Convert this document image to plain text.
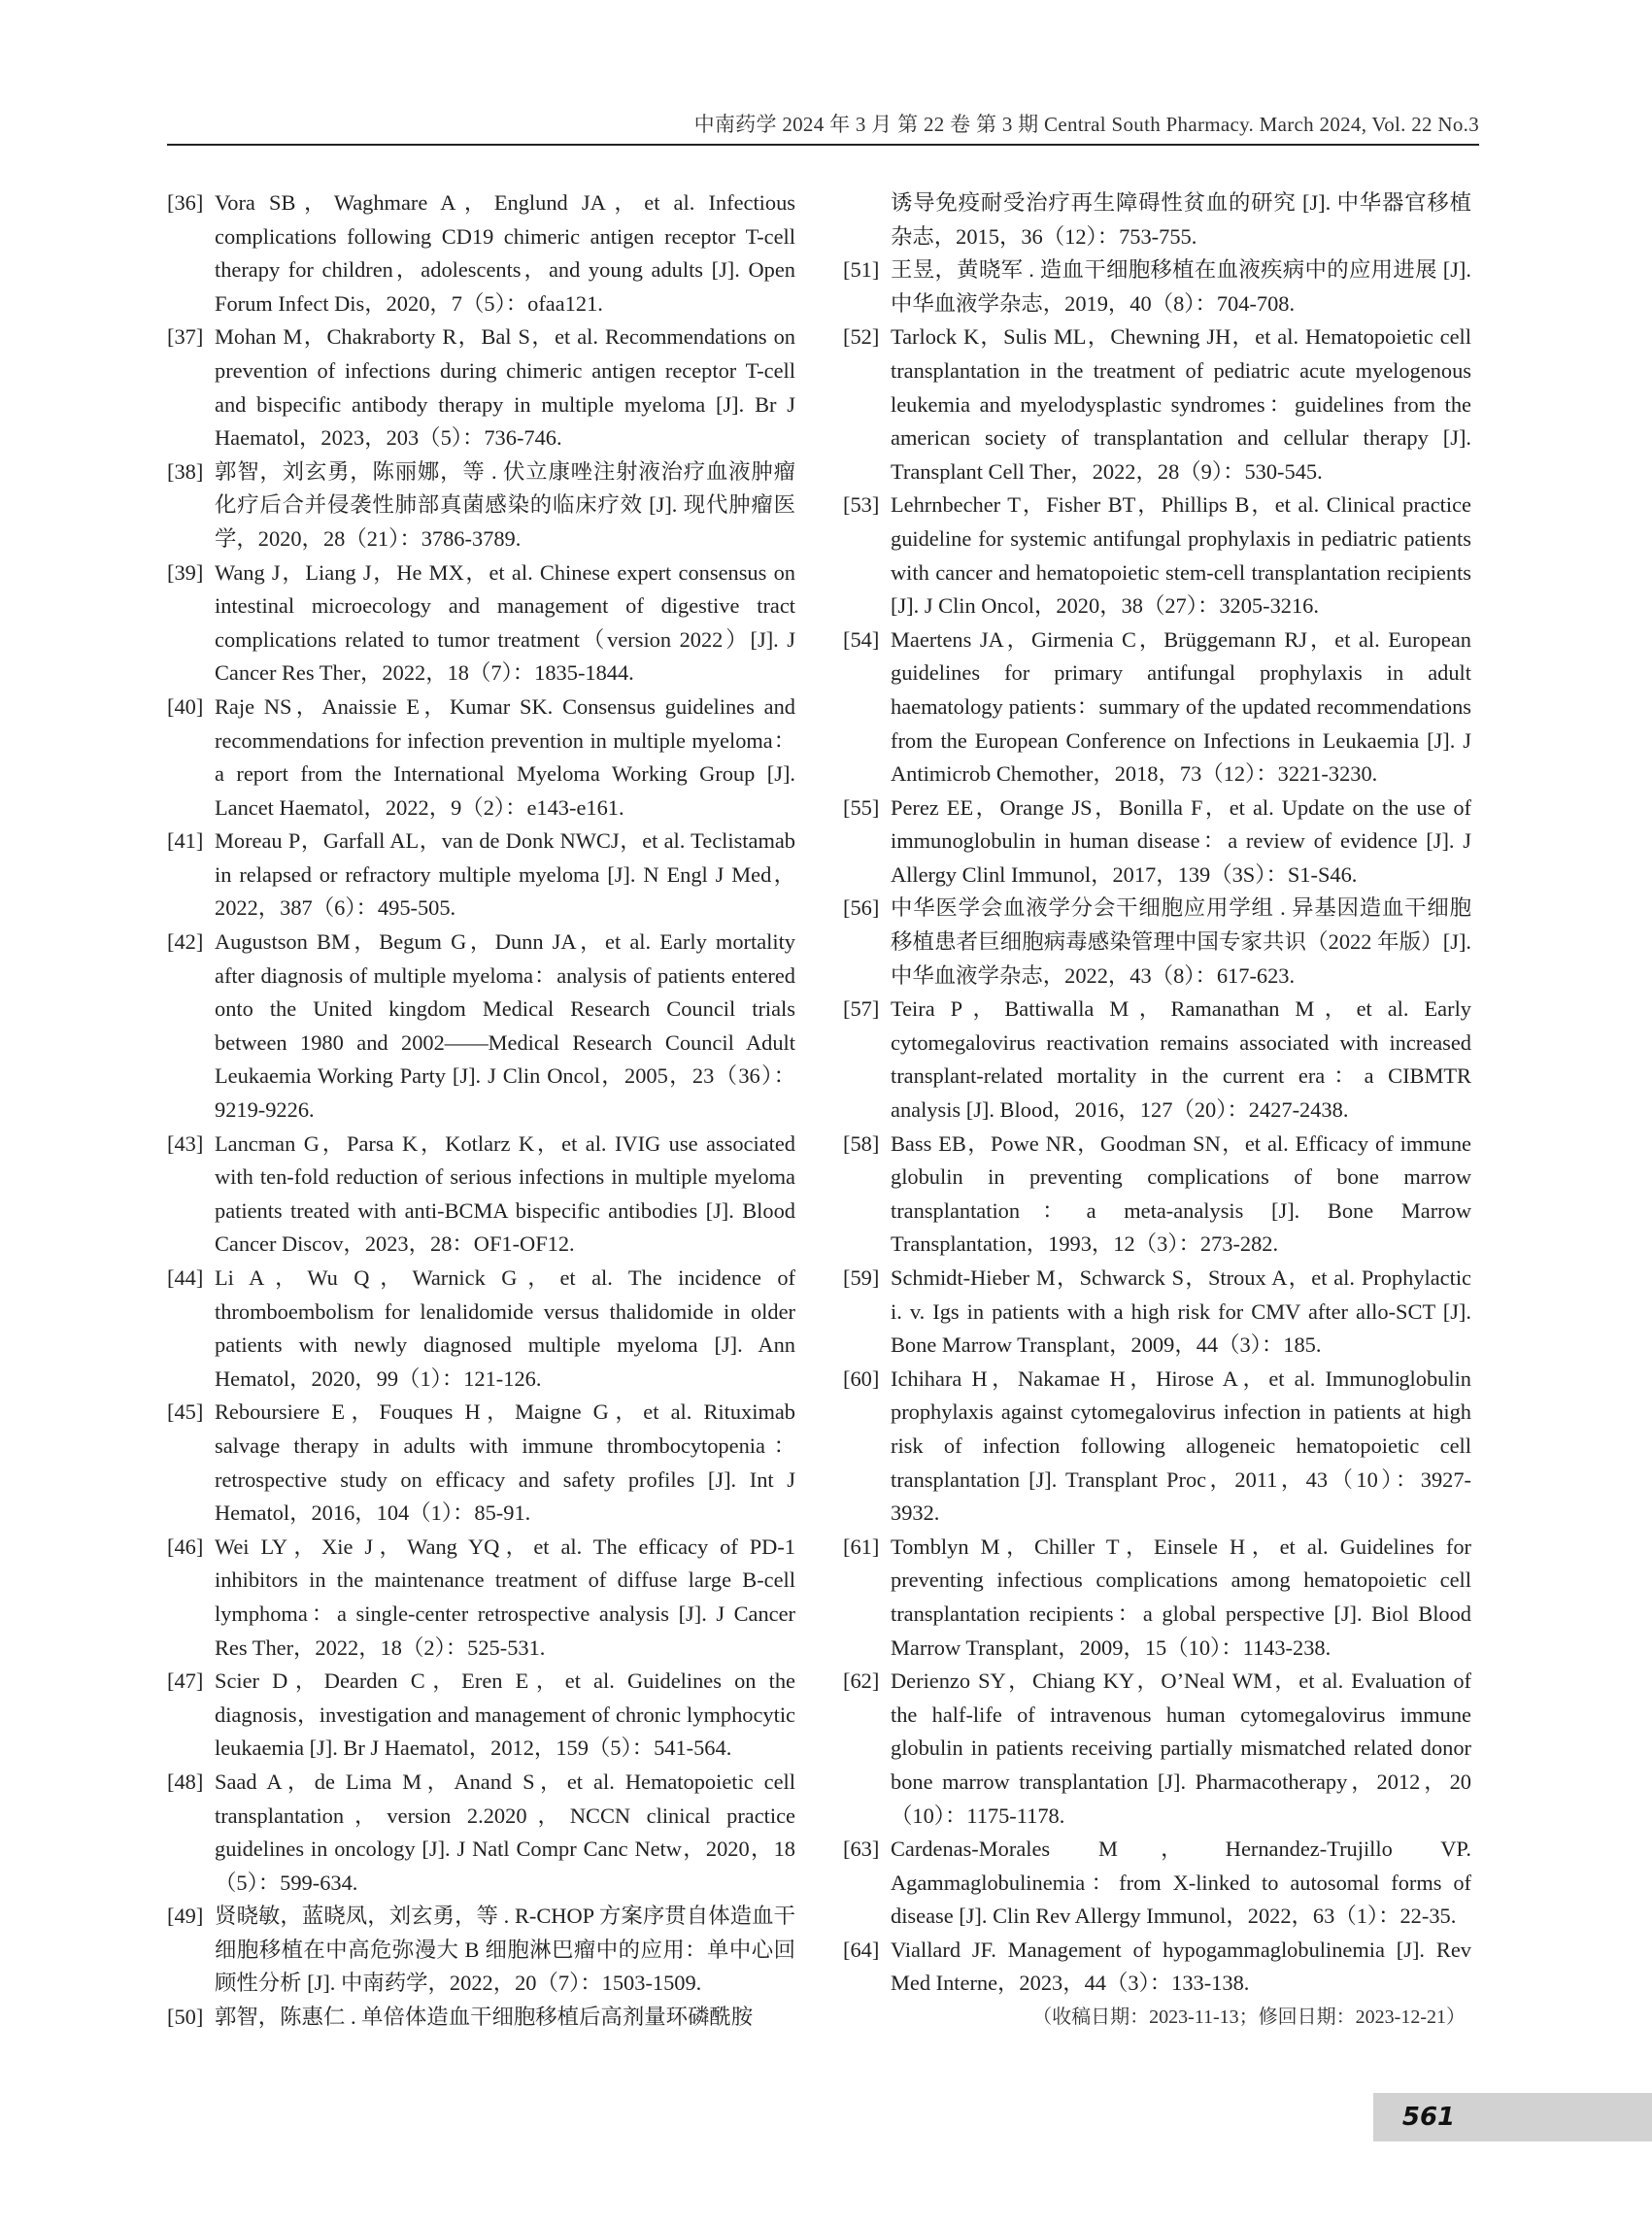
中南药学 2024 年 3 月 第 22 卷 第 3 期 Central South Pharmacy. March 2024, Vol. 22 No.3
[36] Vora SB，Waghmare A，Englund JA，et al. Infectious complications following CD19 chimeric antigen receptor T-cell therapy for children，adolescents，and young adults [J]. Open Forum Infect Dis，2020，7（5）：ofaa121.
[37] Mohan M，Chakraborty R，Bal S，et al. Recommendations on prevention of infections during chimeric antigen receptor T-cell and bispecific antibody therapy in multiple myeloma [J]. Br J Haematol，2023，203（5）：736-746.
[38] 郭智，刘玄勇，陈丽娜，等 . 伏立康唑注射液治疗血液肿瘤化疗后合并侵袭性肺部真菌感染的临床疗效 [J]. 现代肿瘤医学，2020，28（21）：3786-3789.
[39] Wang J，Liang J，He MX，et al. Chinese expert consensus on intestinal microecology and management of digestive tract complications related to tumor treatment（version 2022）[J]. J Cancer Res Ther，2022，18（7）：1835-1844.
[40] Raje NS，Anaissie E，Kumar SK. Consensus guidelines and recommendations for infection prevention in multiple myeloma：a report from the International Myeloma Working Group [J]. Lancet Haematol，2022，9（2）：e143-e161.
[41] Moreau P，Garfall AL，van de Donk NWCJ，et al. Teclistamab in relapsed or refractory multiple myeloma [J]. N Engl J Med，2022，387（6）：495-505.
[42] Augustson BM，Begum G，Dunn JA，et al. Early mortality after diagnosis of multiple myeloma：analysis of patients entered onto the United kingdom Medical Research Council trials between 1980 and 2002——Medical Research Council Adult Leukaemia Working Party [J]. J Clin Oncol，2005，23（36）：9219-9226.
[43] Lancman G，Parsa K，Kotlarz K，et al. IVIG use associated with ten-fold reduction of serious infections in multiple myeloma patients treated with anti-BCMA bispecific antibodies [J]. Blood Cancer Discov，2023，28：OF1-OF12.
[44] Li A，Wu Q，Warnick G，et al. The incidence of thromboembolism for lenalidomide versus thalidomide in older patients with newly diagnosed multiple myeloma [J]. Ann Hematol，2020，99（1）：121-126.
[45] Reboursiere E，Fouques H，Maigne G，et al. Rituximab salvage therapy in adults with immune thrombocytopenia：retrospective study on efficacy and safety profiles [J]. Int J Hematol，2016，104（1）：85-91.
[46] Wei LY，Xie J，Wang YQ，et al. The efficacy of PD-1 inhibitors in the maintenance treatment of diffuse large B-cell lymphoma：a single-center retrospective analysis [J]. J Cancer Res Ther，2022，18（2）：525-531.
[47] Scier D，Dearden C，Eren E，et al. Guidelines on the diagnosis，investigation and management of chronic lymphocytic leukaemia [J]. Br J Haematol，2012，159（5）：541-564.
[48] Saad A，de Lima M，Anand S，et al. Hematopoietic cell transplantation，version 2.2020，NCCN clinical practice guidelines in oncology [J]. J Natl Compr Canc Netw，2020，18（5）：599-634.
[49] 贤晓敏，蓝晓凤，刘玄勇，等 . R-CHOP 方案序贯自体造血干细胞移植在中高危弥漫大 B 细胞淋巴瘤中的应用：单中心回顾性分析 [J]. 中南药学，2022，20（7）：1503-1509.
[50] 郭智，陈惠仁 . 单倍体造血干细胞移植后高剂量环磷酰胺
诱导免疫耐受治疗再生障碍性贫血的研究 [J]. 中华器官移植杂志，2015，36（12）：753-755.
[51] 王昱，黄晓军 . 造血干细胞移植在血液疾病中的应用进展 [J]. 中华血液学杂志，2019，40（8）：704-708.
[52] Tarlock K，Sulis ML，Chewning JH，et al. Hematopoietic cell transplantation in the treatment of pediatric acute myelogenous leukemia and myelodysplastic syndromes：guidelines from the american society of transplantation and cellular therapy [J]. Transplant Cell Ther，2022，28（9）：530-545.
[53] Lehrnbecher T，Fisher BT，Phillips B，et al. Clinical practice guideline for systemic antifungal prophylaxis in pediatric patients with cancer and hematopoietic stem-cell transplantation recipients [J]. J Clin Oncol，2020，38（27）：3205-3216.
[54] Maertens JA，Girmenia C，Brüggemann RJ，et al. European guidelines for primary antifungal prophylaxis in adult haematology patients：summary of the updated recommendations from the European Conference on Infections in Leukaemia [J]. J Antimicrob Chemother，2018，73（12）：3221-3230.
[55] Perez EE，Orange JS，Bonilla F，et al. Update on the use of immunoglobulin in human disease：a review of evidence [J]. J Allergy Clinl Immunol，2017，139（3S）：S1-S46.
[56] 中华医学会血液学分会干细胞应用学组 . 异基因造血干细胞移植患者巨细胞病毒感染管理中国专家共识（2022 年版）[J]. 中华血液学杂志，2022，43（8）：617-623.
[57] Teira P，Battiwalla M，Ramanathan M，et al. Early cytomegalovirus reactivation remains associated with increased transplant-related mortality in the current era：a CIBMTR analysis [J]. Blood，2016，127（20）：2427-2438.
[58] Bass EB，Powe NR，Goodman SN，et al. Efficacy of immune globulin in preventing complications of bone marrow transplantation：a meta-analysis [J]. Bone Marrow Transplantation，1993，12（3）：273-282.
[59] Schmidt-Hieber M，Schwarck S，Stroux A，et al. Prophylactic i. v. Igs in patients with a high risk for CMV after allo-SCT [J]. Bone Marrow Transplant，2009，44（3）：185.
[60] Ichihara H，Nakamae H，Hirose A，et al. Immunoglobulin prophylaxis against cytomegalovirus infection in patients at high risk of infection following allogeneic hematopoietic cell transplantation [J]. Transplant Proc，2011，43（10）：3927-3932.
[61] Tomblyn M，Chiller T，Einsele H，et al. Guidelines for preventing infectious complications among hematopoietic cell transplantation recipients：a global perspective [J]. Biol Blood Marrow Transplant，2009，15（10）：1143-238.
[62] Derienzo SY，Chiang KY，O’Neal WM，et al. Evaluation of the half-life of intravenous human cytomegalovirus immune globulin in patients receiving partially mismatched related donor bone marrow transplantation [J]. Pharmacotherapy，2012，20（10）：1175-1178.
[63] Cardenas-Morales M，Hernandez-Trujillo VP. Agammaglobulinemia：from X-linked to autosomal forms of disease [J]. Clin Rev Allergy Immunol，2022，63（1）：22-35.
[64] Viallard JF. Management of hypogammaglobulinemia [J]. Rev Med Interne，2023，44（3）：133-138.
（收稿日期：2023-11-13；修回日期：2023-12-21）
561
